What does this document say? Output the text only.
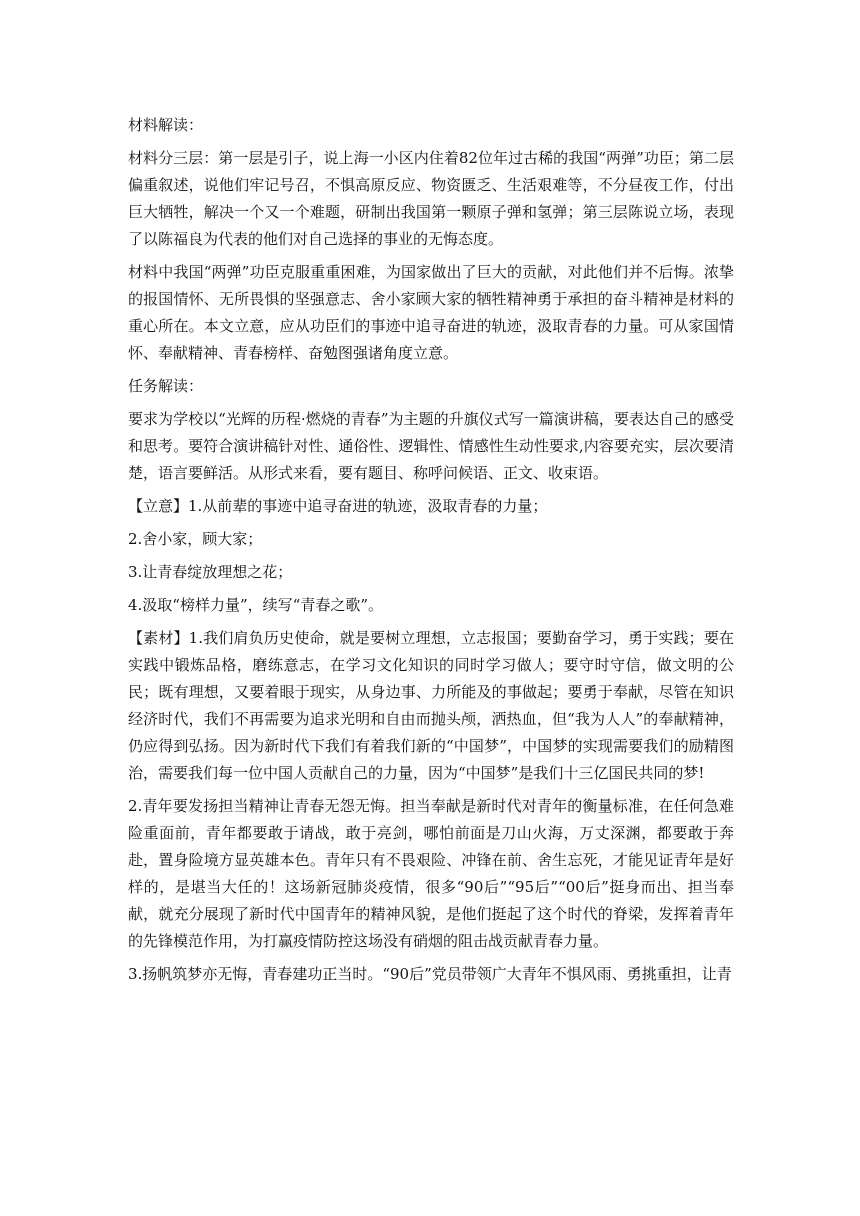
材料解读：

材料分三层：第一层是引子，说上海一小区内住着82位年过古稀的我国“两弹”功臣；第二层偏重叙述，说他们牢记号召，不惧高原反应、物资匮乏、生活艰难等，不分昼夜工作，付出巨大牺牲，解决一个又一个难题，研制出我国第一颗原子弹和氢弹；第三层陈说立场，表现了以陈福良为代表的他们对自己选择的事业的无悔态度。

材料中我国“两弹”功臣克服重重困难，为国家做出了巨大的贡献，对此他们并不后悔。浓挚的报国情怀、无所畏惧的坚强意志、舍小家顾大家的牺牲精神勇于承担的奋斗精神是材料的重心所在。本文立意，应从功臣们的事迹中追寻奋进的轨迹，汲取青春的力量。可从家国情怀、奉献精神、青春榜样、奋勉图强诸角度立意。

任务解读：

要求为学校以“光辉的历程·燃烧的青春”为主题的升旗仪式写一篇演讲稿，要表达自己的感受和思考。要符合演讲稿针对性、通俗性、逻辑性、情感性生动性要求,内容要充实，层次要清楚，语言要鲜活。从形式来看，要有题目、称呼问候语、正文、收束语。

【立意】1.从前辈的事迹中追寻奋进的轨迹，汲取青春的力量；

2.舍小家，顾大家；

3.让青春绽放理想之花；

4.汲取“榜样力量”，续写“青春之歌”。

【素材】1.我们肩负历史使命，就是要树立理想，立志报国；要勤奋学习，勇于实践；要在实践中锻炼品格，磨练意志，在学习文化知识的同时学习做人；要守时守信，做文明的公民；既有理想，又要着眼于现实，从身边事、力所能及的事做起；要勇于奉献，尽管在知识经济时代，我们不再需要为追求光明和自由而抛头颅，洒热血，但“我为人人”的奉献精神，仍应得到弘扬。因为新时代下我们有着我们新的“中国梦”，中国梦的实现需要我们的励精图治，需要我们每一位中国人贡献自己的力量，因为“中国梦”是我们十三亿国民共同的梦!

2.青年要发扬担当精神让青春无怨无悔。担当奉献是新时代对青年的衡量标准，在任何急难险重面前，青年都要敢于请战，敢于亮剑，哪怕前面是刀山火海，万丈深渊，都要敢于奔赴，置身险境方显英雄本色。青年只有不畏艰险、冲锋在前、舍生忘死，才能见证青年是好样的，是堪当大任的！这场新冠肺炎疫情，很多“90后”“95后”“00后”挺身而出、担当奉献，就充分展现了新时代中国青年的精神风貌，是他们挺起了这个时代的脊梁，发挥着青年的先锋模范作用，为打赢疫情防控这场没有硝烟的阻击战贡献青春力量。

3.扬帆筑梦亦无悔，青春建功正当时。“90后”党员带领广大青年不惧风雨、勇挑重担，让青
